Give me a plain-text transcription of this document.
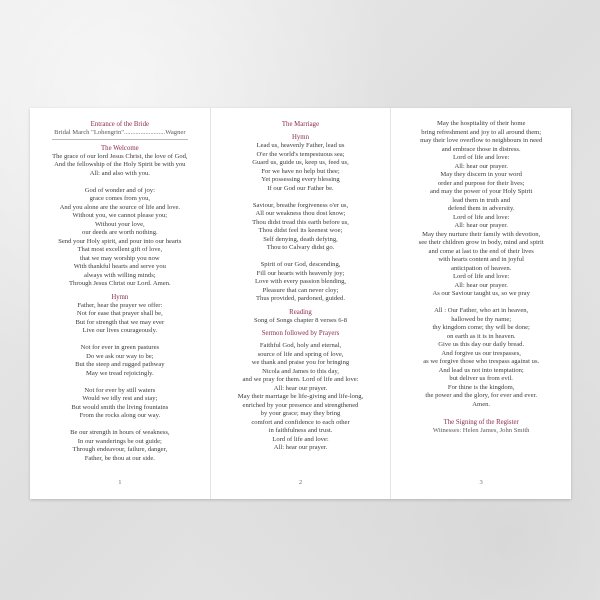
Entrance of the Bride
Bridal March "Lohengrin".........................Wagner
The Welcome
The grace of our lord Jesus Christ, the love of God,
And the fellowship of the Holy Spirit be with you
All: and also with you.
God of wonder and of joy:
grace comes from you,
And you alone are the source of life and love.
Without you, we cannot please you;
Without your love,
our deeds are worth nothing.
Send your Holy spirit, and pour into our hearts
That most excellent gift of love,
that we may worship you now
With thankful hearts and serve you
always with willing minds;
Through Jesus Christ our Lord. Amen.
Hymn
Father, hear the prayer we offer:
Not for ease that prayer shall be,
But for strength that we may ever
Live our lives courageously.
Not for ever in green pastures
Do we ask our way to be;
But the steep and rugged pathway
May we tread rejoicingly.
Not for ever by still waters
Would we idly rest and stay;
But would smith the living fountains
From the rocks along our way.
Be our strength in hours of weakness,
In our wanderings be out guide;
Through endeavour, failure, danger,
Father, be thou at our side.
1
The Marriage
Hymn
Lead us, heavenly Father, lead us
O'er the world's tempestuous sea;
Guard us, guide us, keep us, feed us,
For we have no help but thee;
Yet possessing every blessing
If our God our Father be.
Saviour, breathe forgiveness o'er us,
All our weakness thou dost know;
Thou didst tread this earth before us,
Thou didst feel its keenest woe;
Self denying, death defying,
Thou to Calvary didst go.
Spirit of our God, descending,
Fill our hearts with heavenly joy;
Love with every passion blending,
Pleasure that can never cloy;
Thus provided, pardoned, guided.
Reading
Song of Songs chapter 8 verses 6-8
Sermon followed by Prayers
Faithful God, holy and eternal,
source of life and spring of love,
we thank and praise you for bringing
Nicola and James to this day,
and we pray for them. Lord of life and love:
All: hear our prayer.
May their marriage be life-giving and life-long,
enriched by your presence and strengthened
by your grace; may they bring
comfort and confidence to each other
in faithfulness and trust.
Lord of life and love:
All: hear our prayer.
2
May the hospitality of their home
bring refreshment and joy to all around them;
may their love overflow to neighbours in need
and embrace those in distress.
Lord of life and love:
All: hear our prayer.
May they discern in your word
order and purpose for their lives;
and may the power of your Holy Spirit
lead them in truth and
defend them in adversity.
Lord of life and love:
All: hear our prayer.
May they nurture their family with devotion,
see their children grow in body, mind and spirit
and come at last to the end of their lives
with hearts content and in joyful
anticipation of heaven.
Lord of life and love:
All: hear our prayer.
As our Saviour taught us, so we pray
All : Our Father, who art in heaven,
hallowed be thy name;
thy kingdom come; thy will be done;
on earth as it is in heaven.
Give us this day our daily bread.
And forgive us our trespasses,
as we forgive those who trespass against us.
And lead us not into temptation;
but deliver us from evil.
For thine is the kingdom,
the power and the glory, for ever and ever.
Amen.
The Signing of the Register
Witnesses: Helen James, John Smith
3
